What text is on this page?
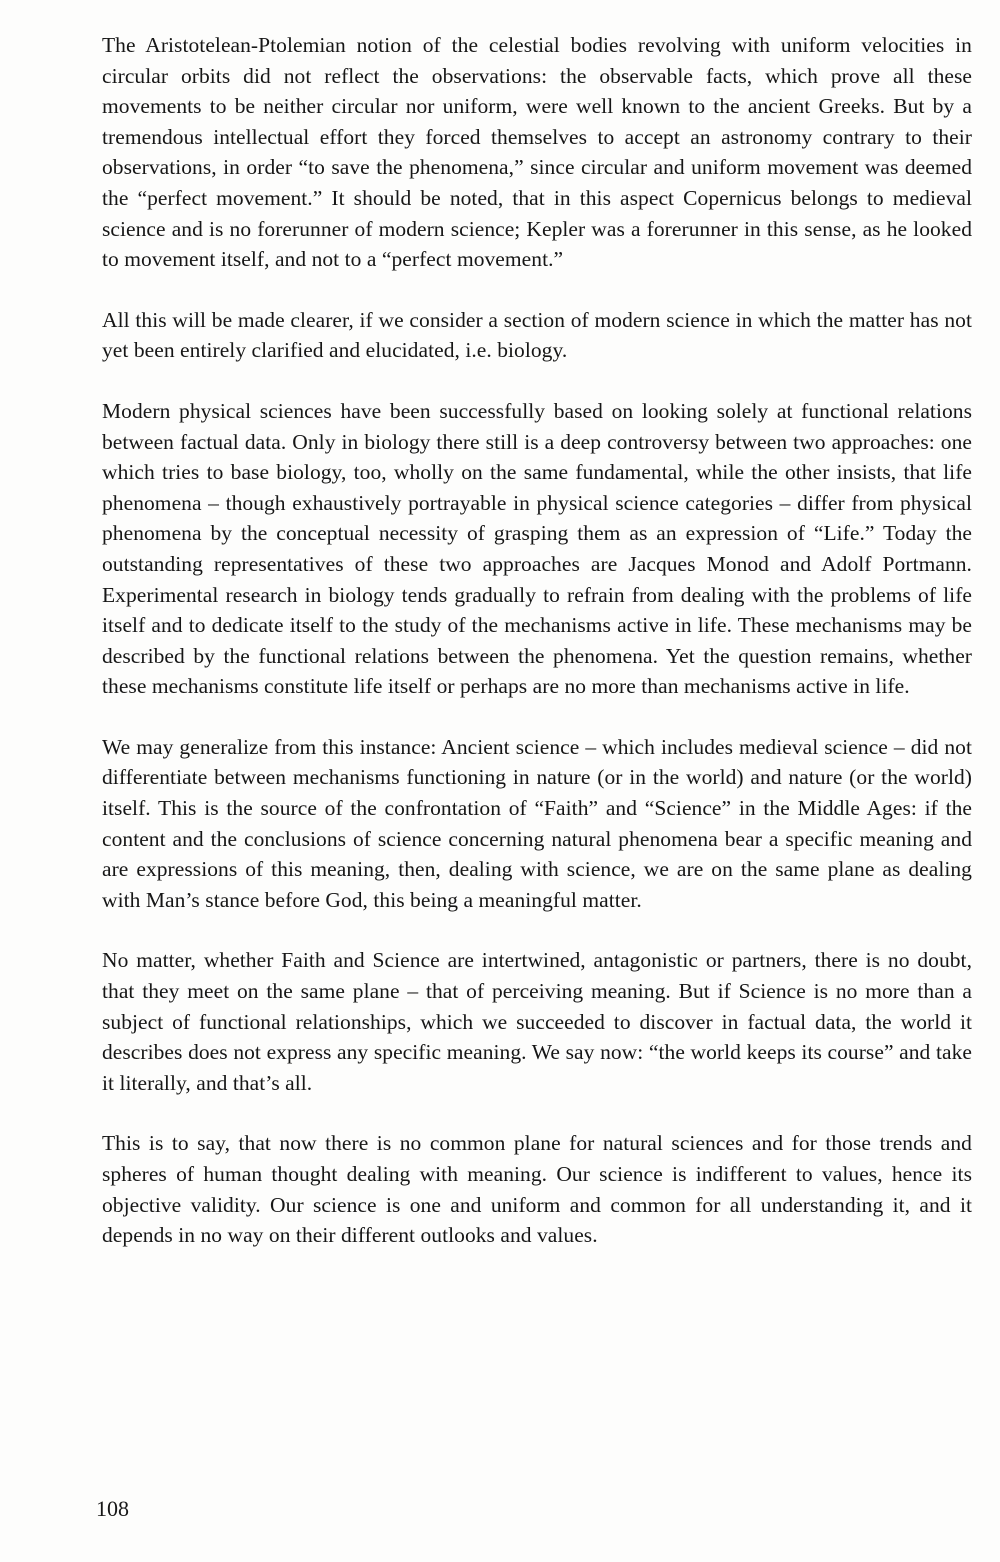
The Aristotelean-Ptolemian notion of the celestial bodies revolving with uniform velocities in circular orbits did not reflect the observations: the observable facts, which prove all these movements to be neither circular nor uniform, were well known to the ancient Greeks. But by a tremendous intellectual effort they forced themselves to accept an astronomy contrary to their observations, in order “to save the phenomena,” since circular and uniform movement was deemed the “perfect movement.” It should be noted, that in this aspect Copernicus belongs to medieval science and is no forerunner of modern science; Kepler was a forerunner in this sense, as he looked to movement itself, and not to a “perfect movement.”

All this will be made clearer, if we consider a section of modern science in which the matter has not yet been entirely clarified and elucidated, i.e. biology.

Modern physical sciences have been successfully based on looking solely at functional relations between factual data. Only in biology there still is a deep controversy between two approaches: one which tries to base biology, too, wholly on the same fundamental, while the other insists, that life phenomena – though exhaustively portrayable in physical science categories – differ from physical phenomena by the conceptual necessity of grasping them as an expression of “Life.” Today the outstanding representatives of these two approaches are Jacques Monod and Adolf Portmann. Experimental research in biology tends gradually to refrain from dealing with the problems of life itself and to dedicate itself to the study of the mechanisms active in life. These mechanisms may be described by the functional relations between the phenomena. Yet the question remains, whether these mechanisms constitute life itself or perhaps are no more than mechanisms active in life.

We may generalize from this instance: Ancient science – which includes medieval science – did not differentiate between mechanisms functioning in nature (or in the world) and nature (or the world) itself. This is the source of the confrontation of “Faith” and “Science” in the Middle Ages: if the content and the conclusions of science concerning natural phenomena bear a specific meaning and are expressions of this meaning, then, dealing with science, we are on the same plane as dealing with Man’s stance before God, this being a meaningful matter.

No matter, whether Faith and Science are intertwined, antagonistic or partners, there is no doubt, that they meet on the same plane – that of perceiving meaning. But if Science is no more than a subject of functional relationships, which we succeeded to discover in factual data, the world it describes does not express any specific meaning. We say now: “the world keeps its course” and take it literally, and that’s all.

This is to say, that now there is no common plane for natural sciences and for those trends and spheres of human thought dealing with meaning. Our science is indifferent to values, hence its objective validity. Our science is one and uniform and common for all understanding it, and it depends in no way on their different outlooks and values.

108
